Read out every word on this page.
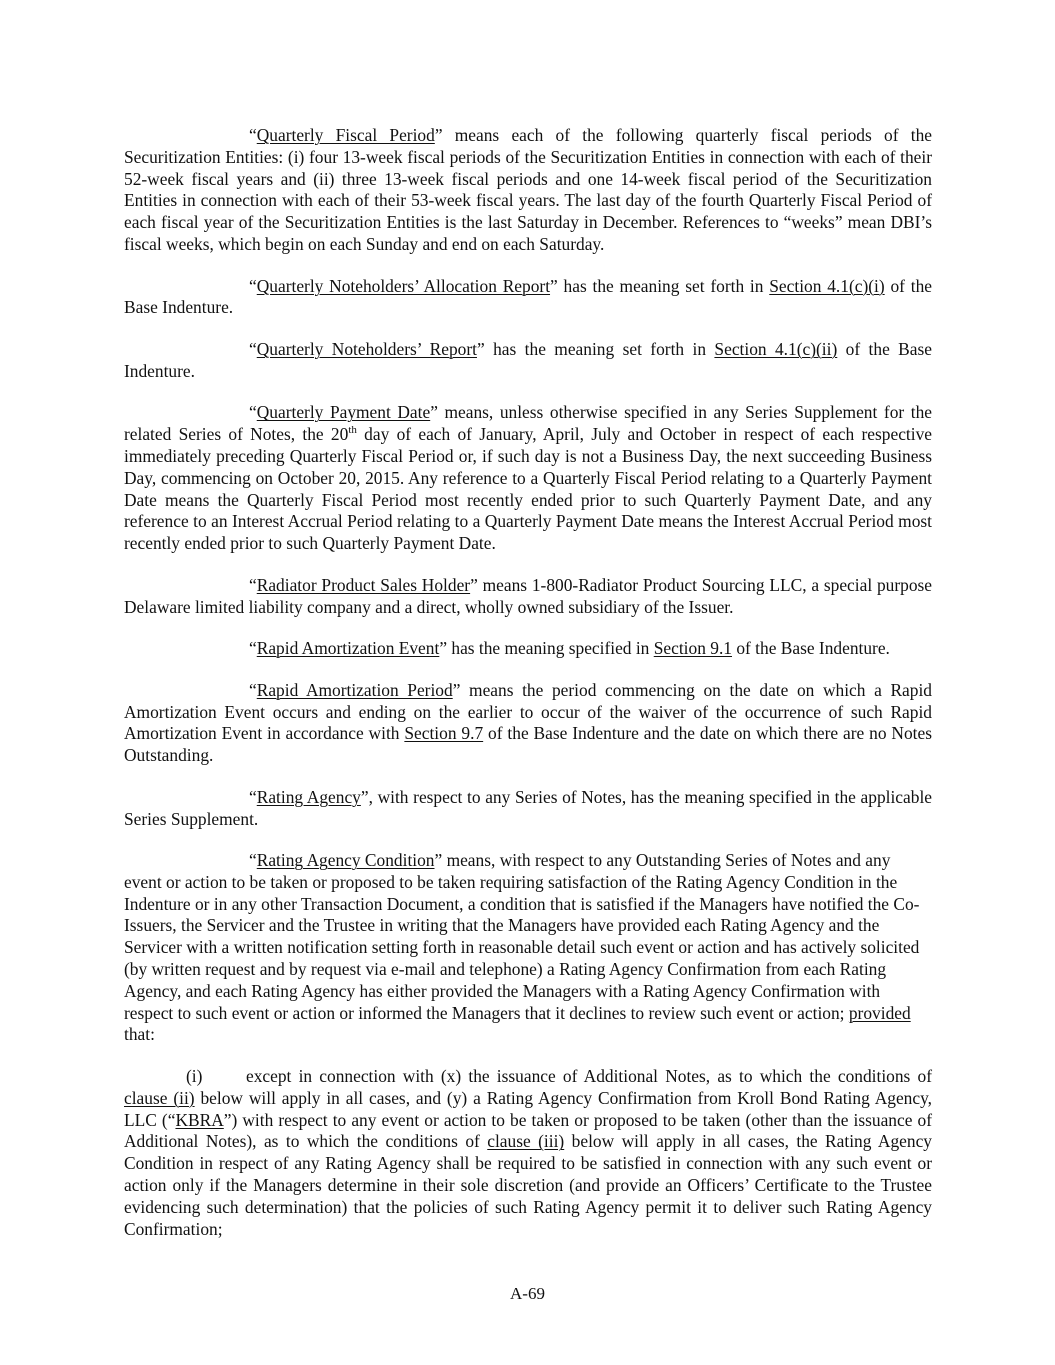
“Quarterly Fiscal Period” means each of the following quarterly fiscal periods of the Securitization Entities: (i) four 13-week fiscal periods of the Securitization Entities in connection with each of their 52-week fiscal years and (ii) three 13-week fiscal periods and one 14-week fiscal period of the Securitization Entities in connection with each of their 53-week fiscal years. The last day of the fourth Quarterly Fiscal Period of each fiscal year of the Securitization Entities is the last Saturday in December. References to “weeks” mean DBI’s fiscal weeks, which begin on each Sunday and end on each Saturday.

“Quarterly Noteholders’ Allocation Report” has the meaning set forth in Section 4.1(c)(i) of the Base Indenture.

“Quarterly Noteholders’ Report” has the meaning set forth in Section 4.1(c)(ii) of the Base Indenture.

“Quarterly Payment Date” means, unless otherwise specified in any Series Supplement for the related Series of Notes, the 20th day of each of January, April, July and October in respect of each respective immediately preceding Quarterly Fiscal Period or, if such day is not a Business Day, the next succeeding Business Day, commencing on October 20, 2015. Any reference to a Quarterly Fiscal Period relating to a Quarterly Payment Date means the Quarterly Fiscal Period most recently ended prior to such Quarterly Payment Date, and any reference to an Interest Accrual Period relating to a Quarterly Payment Date means the Interest Accrual Period most recently ended prior to such Quarterly Payment Date.

“Radiator Product Sales Holder” means 1-800-Radiator Product Sourcing LLC, a special purpose Delaware limited liability company and a direct, wholly owned subsidiary of the Issuer.

“Rapid Amortization Event” has the meaning specified in Section 9.1 of the Base Indenture.

“Rapid Amortization Period” means the period commencing on the date on which a Rapid Amortization Event occurs and ending on the earlier to occur of the waiver of the occurrence of such Rapid Amortization Event in accordance with Section 9.7 of the Base Indenture and the date on which there are no Notes Outstanding.

“Rating Agency”, with respect to any Series of Notes, has the meaning specified in the applicable Series Supplement.

“Rating Agency Condition” means, with respect to any Outstanding Series of Notes and any event or action to be taken or proposed to be taken requiring satisfaction of the Rating Agency Condition in the Indenture or in any other Transaction Document, a condition that is satisfied if the Managers have notified the Co-Issuers, the Servicer and the Trustee in writing that the Managers have provided each Rating Agency and the Servicer with a written notification setting forth in reasonable detail such event or action and has actively solicited (by written request and by request via e-mail and telephone) a Rating Agency Confirmation from each Rating Agency, and each Rating Agency has either provided the Managers with a Rating Agency Confirmation with respect to such event or action or informed the Managers that it declines to review such event or action; provided that:

(i)	except in connection with (x) the issuance of Additional Notes, as to which the conditions of clause (ii) below will apply in all cases, and (y) a Rating Agency Confirmation from Kroll Bond Rating Agency, LLC (“KBRA”) with respect to any event or action to be taken or proposed to be taken (other than the issuance of Additional Notes), as to which the conditions of clause (iii) below will apply in all cases, the Rating Agency Condition in respect of any Rating Agency shall be required to be satisfied in connection with any such event or action only if the Managers determine in their sole discretion (and provide an Officers’ Certificate to the Trustee evidencing such determination) that the policies of such Rating Agency permit it to deliver such Rating Agency Confirmation;

A-69
